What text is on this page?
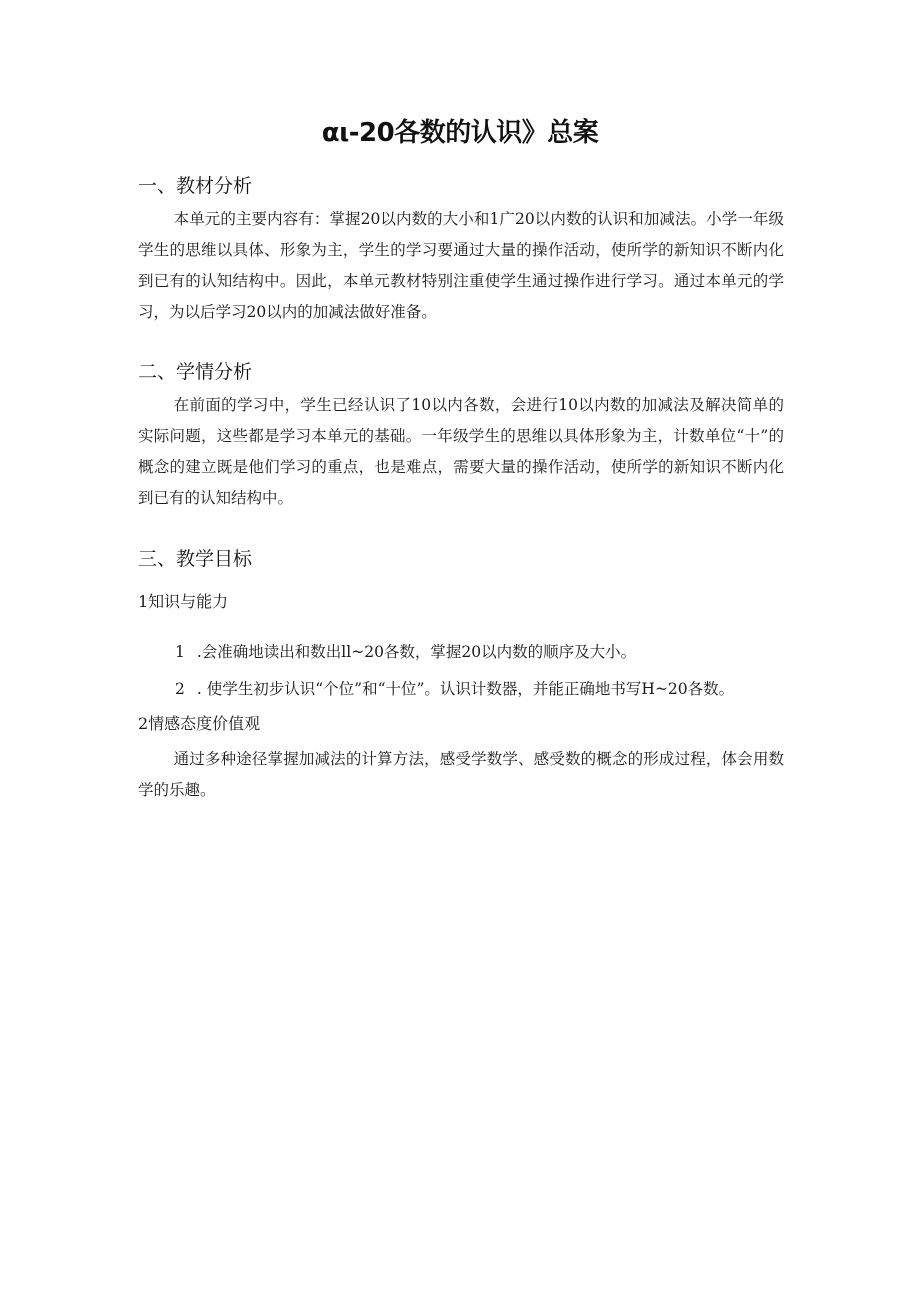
αι-20各数的认识》总案
一、教材分析

本单元的主要内容有：掌握20以内数的大小和1广20以内数的认识和加减法。小学一年级学生的思维以具体、形象为主，学生的学习要通过大量的操作活动，使所学的新知识不断内化到已有的认知结构中。因此，本单元教材特别注重使学生通过操作进行学习。通过本单元的学习，为以后学习20以内的加减法做好准备。

二、学情分析

在前面的学习中，学生已经认识了10以内各数，会进行10以内数的加减法及解决简单的实际问题，这些都是学习本单元的基础。一年级学生的思维以具体形象为主，计数单位“十”的概念的建立既是他们学习的重点，也是难点，需要大量的操作活动，使所学的新知识不断内化到已有的认知结构中。

三、教学目标

1知识与能力

1 .会准确地读出和数出ll~20各数，掌握20以内数的顺序及大小。

2 . 使学生初步认识“个位”和“十位”。认识计数器，并能正确地书写H~20各数。

2情感态度价值观

通过多种途径掌握加减法的计算方法，感受学数学、感受数的概念的形成过程，体会用数学的乐趣。
